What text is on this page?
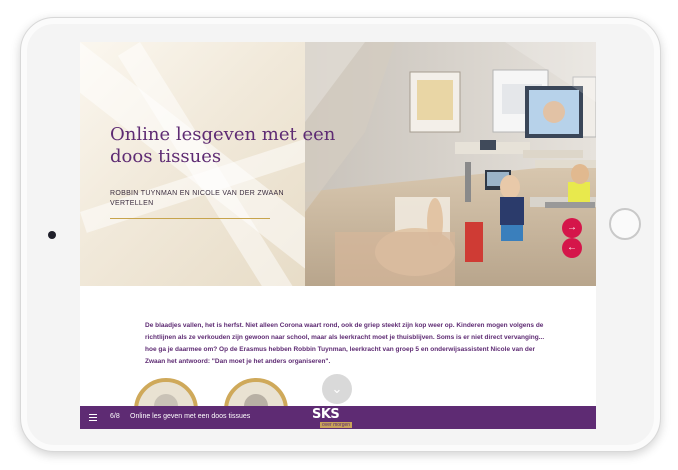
Online lesgeven met een doos tissues
ROBBIN TUYNMAN EN NICOLE VAN DER ZWAAN VERTELLEN
→
←

De blaadjes vallen, het is herfst. Niet alleen Corona waart rond, ook de griep steekt zijn kop weer op. Kinderen mogen volgens de richtlijnen als ze verkouden zijn gewoon naar school, maar als leerkracht moet je thuisblijven. Soms is er niet direct vervanging... hoe ga je daarmee om? Op de Erasmus hebben Robbin Tuynman, leerkracht van groep 5 en onderwijsassistent Nicole van der Zwaan het antwoord: "Dan moet je het anders organiseren".

⌄
6/8 Online les geven met een doos tissues	SKS
over morgen
